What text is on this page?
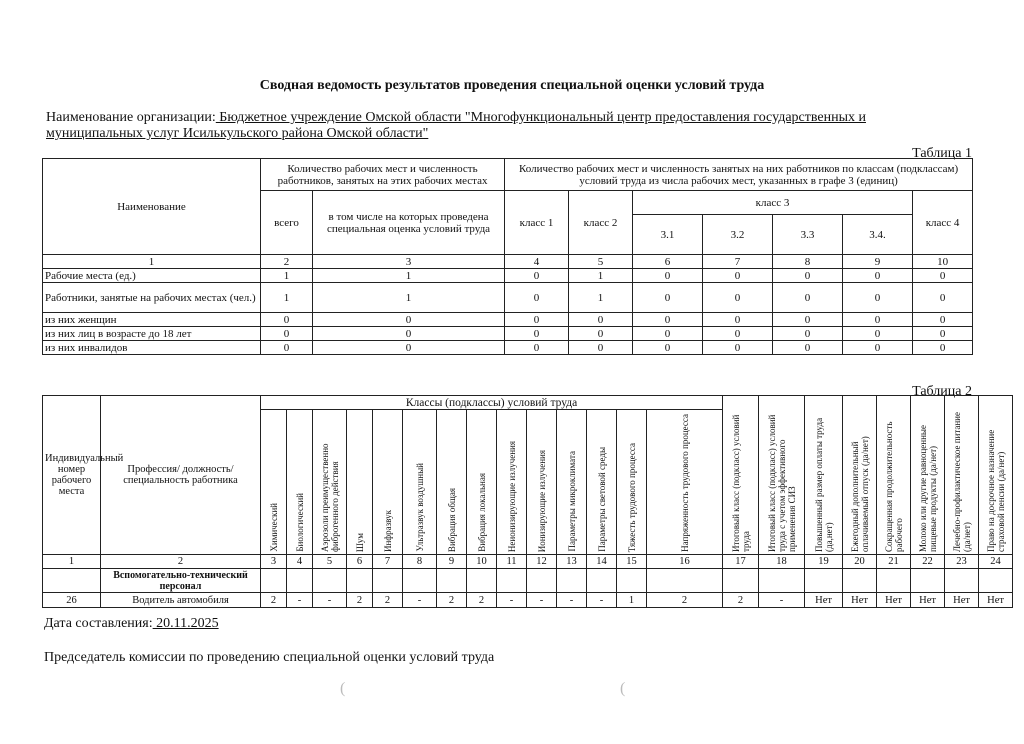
Сводная ведомость результатов проведения специальной оценки условий труда
Наименование организации: Бюджетное учреждение Омской области "Многофункциональный центр предоставления государственных и
муниципальных услуг Исилькульского района Омской области"
Таблица 1
Наименование	Количество рабочих мест и численность работников, занятых на этих рабочих местах		Количество рабочих мест и численность занятых на них работников по классам (подклассам) условий труда из числа рабочих мест, указанных в графе 3 (единиц)						
	всего	в том числе на которых проведена специальная оценка условий труда	класс 1	класс 2	класс 3				класс 4
					3.1	3.2	3.3	3.4.	
1	2	3	4	5	6	7	8	9	10
Рабочие места (ед.)	1	1	0	1	0	0	0	0	0
Работники, занятые на рабочих местах (чел.)	1	1	0	1	0	0	0	0	0
из них женщин	0	0	0	0	0	0	0	0	0
из них лиц в возрасте до 18 лет	0	0	0	0	0	0	0	0	0
из них инвалидов	0	0	0	0	0	0	0	0	0
Таблица 2
Индивидуальный номер рабочего места	Профессия/ должность/ специальность работника	Классы (подклассы) условий труда														Итоговый класс (подкласс) условий труда	Итоговый класс (подкласс) условий труда с учетом эффективного применения СИЗ	Повышенный размер оплаты труда (да,нет)	Ежегодный дополнительный оплачиваемый отпуск (да/нет)	Сокращенная продолжительность рабочего	Молоко или другие равноценные пищевые продукты (да/нет)	Лечебно-профилактическое питание (да/нет)	Право на досрочное назначение страховой пенсии (да/нет)

		Химический	Биологический	Аэрозоли преимущественно фиброгенного действия	Шум	Инфразвук	Ультразвук воздушный	Вибрация общая	Вибрация локальная	Неионизирующие излучения	Ионизирующие излучения	Параметры микроклимата	Параметры световой среды	Тяжесть трудового процесса	Напряженность трудового процесса								

1	2	3	4	5	6	7	8	9	10	11	12	13	14	15	16	17	18	19	20	21	22	23	24
	Вспомогательно-технический персонал																						
26	Водитель автомобиля	2	-	-	2	2	-	2	2	-	-	-	-	1	2	2	-	Нет	Нет	Нет	Нет	Нет	Нет
Дата составления: 20.11.2025
Председатель комиссии по проведению специальной оценки условий труда
(	(
